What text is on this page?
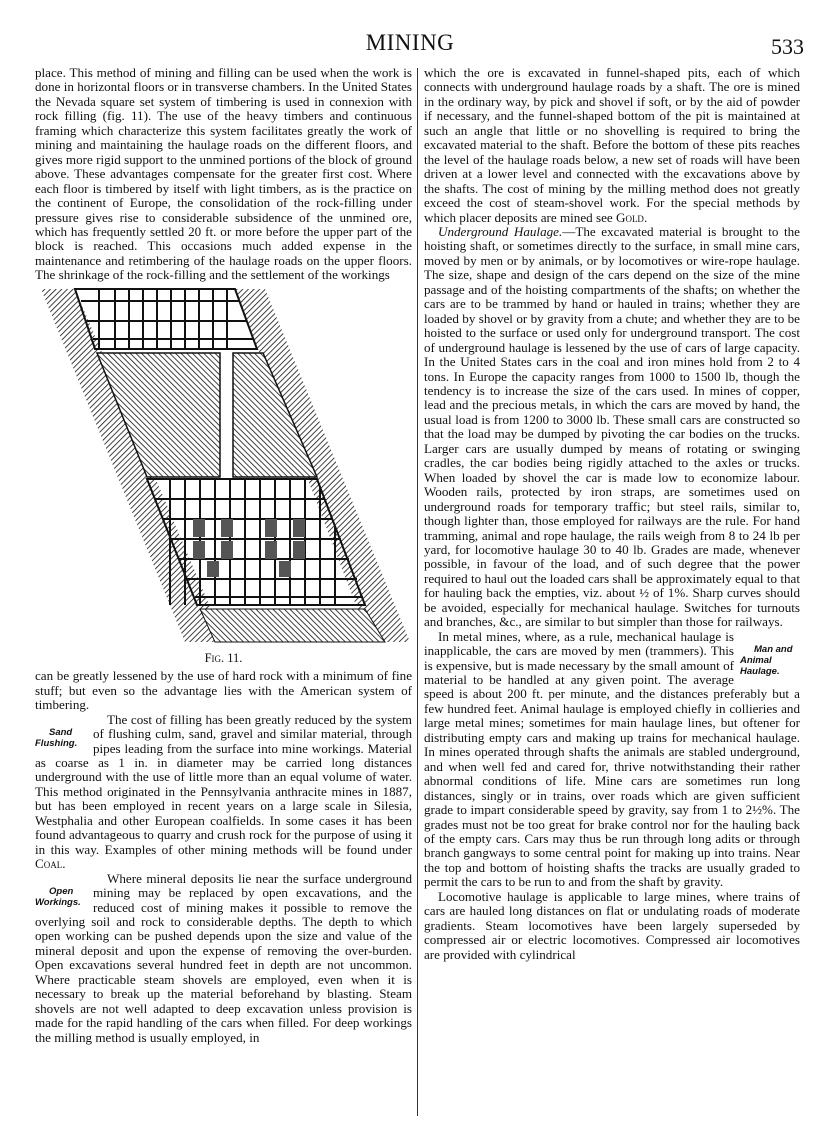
MINING	533

place. This method of mining and filling can be used when the work is done in horizontal floors or in transverse chambers. In the United States the Nevada square set system of timbering is used in connexion with rock filling (fig. 11). The use of the heavy timbers and continuous framing which characterize this system facilitates greatly the work of mining and maintaining the haulage roads on the different floors, and gives more rigid support to the unmined portions of the block of ground above. These advantages compensate for the greater first cost. Where each floor is timbered by itself with light timbers, as is the practice on the continent of Europe, the consolidation of the rock-filling under pressure gives rise to considerable subsidence of the unmined ore, which has frequently settled 20 ft. or more before the upper part of the block is reached. This occasions much added expense in the maintenance and retimbering of the haulage roads on the upper floors. The shrinkage of the rock-filling and the settlement of the workings

Fig. 11.

can be greatly lessened by the use of hard rock with a minimum of fine stuff; but even so the advantage lies with the American system of timbering.

Sand Flushing.
The cost of filling has been greatly reduced by the system of flushing culm, sand, gravel and similar material, through pipes leading from the surface into mine workings. Material as coarse as 1 in. in diameter may be carried long distances underground with the use of little more than an equal volume of water. This method originated in the Pennsylvania anthracite mines in 1887, but has been employed in recent years on a large scale in Silesia, Westphalia and other European coalfields. In some cases it has been found advantageous to quarry and crush rock for the purpose of using it in this way. Examples of other mining methods will be found under Coal.

Open Workings.
Where mineral deposits lie near the surface underground mining may be replaced by open excavations, and the reduced cost of mining makes it possible to remove the overlying soil and rock to considerable depths. The depth to which open working can be pushed depends upon the size and value of the mineral deposit and upon the expense of removing the over-burden. Open excavations several hundred feet in depth are not uncommon. Where practicable steam shovels are employed, even when it is necessary to break up the material beforehand by blasting. Steam shovels are not well adapted to deep excavation unless provision is made for the rapid handling of the cars when filled. For deep workings the milling method is usually employed, in

which the ore is excavated in funnel-shaped pits, each of which connects with underground haulage roads by a shaft. The ore is mined in the ordinary way, by pick and shovel if soft, or by the aid of powder if necessary, and the funnel-shaped bottom of the pit is maintained at such an angle that little or no shovelling is required to bring the excavated material to the shaft. Before the bottom of these pits reaches the level of the haulage roads below, a new set of roads will have been driven at a lower level and connected with the excavations above by the shafts. The cost of mining by the milling method does not greatly exceed the cost of steam-shovel work. For the special methods by which placer deposits are mined see Gold.

Underground Haulage.—The excavated material is brought to the hoisting shaft, or sometimes directly to the surface, in small mine cars, moved by men or by animals, or by locomotives or wire-rope haulage. The size, shape and design of the cars depend on the size of the mine passage and of the hoisting compartments of the shafts; on whether the cars are to be trammed by hand or hauled in trains; whether they are loaded by shovel or by gravity from a chute; and whether they are to be hoisted to the surface or used only for underground transport. The cost of underground haulage is lessened by the use of cars of large capacity. In the United States cars in the coal and iron mines hold from 2 to 4 tons. In Europe the capacity ranges from 1000 to 1500 lb, though the tendency is to increase the size of the cars used. In mines of copper, lead and the precious metals, in which the cars are moved by hand, the usual load is from 1200 to 3000 lb. These small cars are constructed so that the load may be dumped by pivoting the car bodies on the trucks. Larger cars are usually dumped by means of rotating or swinging cradles, the car bodies being rigidly attached to the axles or trucks. When loaded by shovel the car is made low to economize labour. Wooden rails, protected by iron straps, are sometimes used on underground roads for temporary traffic; but steel rails, similar to, though lighter than, those employed for railways are the rule. For hand tramming, animal and rope haulage, the rails weigh from 8 to 24 lb per yard, for locomotive haulage 30 to 40 lb. Grades are made, whenever possible, in favour of the load, and of such degree that the power required to haul out the loaded cars shall be approximately equal to that for hauling back the empties, viz. about ½ of 1%. Sharp curves should be avoided, especially for mechanical haulage. Switches for turnouts and branches, &c., are similar to but simpler than those for railways.

Man and Animal Haulage.
In metal mines, where, as a rule, mechanical haulage is inapplicable, the cars are moved by men (trammers). This is expensive, but is made necessary by the small amount of material to be handled at any given point. The average speed is about 200 ft. per minute, and the distances preferably but a few hundred feet. Animal haulage is employed chiefly in collieries and large metal mines; sometimes for main haulage lines, but oftener for distributing empty cars and making up trains for mechanical haulage. In mines operated through shafts the animals are stabled underground, and when well fed and cared for, thrive notwithstanding their rather abnormal conditions of life. Mine cars are sometimes run long distances, singly or in trains, over roads which are given sufficient grade to impart considerable speed by gravity, say from 1 to 2½%. The grades must not be too great for brake control nor for the hauling back of the empty cars. Cars may thus be run through long adits or through branch gangways to some central point for making up into trains. Near the top and bottom of hoisting shafts the tracks are usually graded to permit the cars to be run to and from the shaft by gravity.

Locomotive haulage is applicable to large mines, where trains of cars are hauled long distances on flat or undulating roads of moderate gradients. Steam locomotives have been largely superseded by compressed air or electric locomotives. Compressed air locomotives are provided with cylindrical
